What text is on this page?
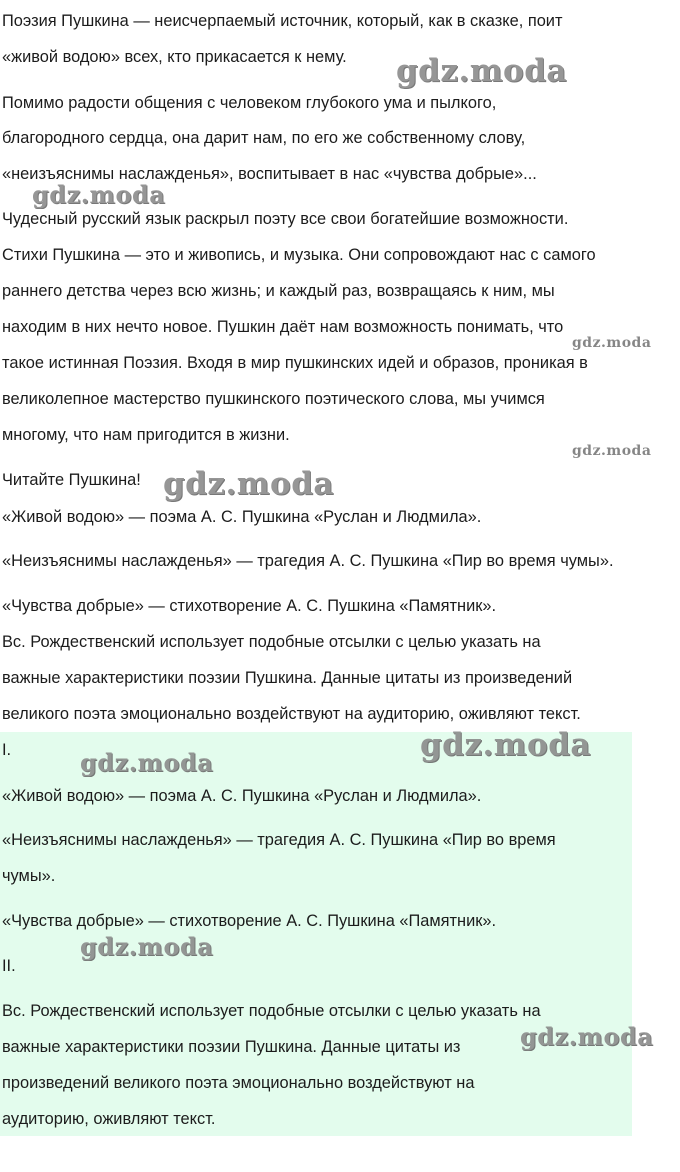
Поэзия Пушкина — неисчерпаемый источник, который, как в сказке, поит

«живой водою» всех, кто прикасается к нему.

Помимо радости общения с человеком глубокого ума и пылкого,

благородного сердца, она дарит нам, по его же собственному слову,

«неизъяснимы наслажденья», воспитывает в нас «чувства добрые»...

Чудесный русский язык раскрыл поэту все свои богатейшие возможности.

Стихи Пушкина — это и живопись, и музыка. Они сопровождают нас с самого

раннего детства через всю жизнь; и каждый раз, возвращаясь к ним, мы

находим в них нечто новое. Пушкин даёт нам возможность понимать, что

такое истинная Поэзия. Входя в мир пушкинских идей и образов, проникая в

великолепное мастерство пушкинского поэтического слова, мы учимся

многому, что нам пригодится в жизни.

Читайте Пушкина!

«Живой водою» — поэма А. С. Пушкина «Руслан и Людмила».

«Неизъяснимы наслажденья» — трагедия А. С. Пушкина «Пир во время чумы».

«Чувства добрые» — стихотворение А. С. Пушкина «Памятник».

Вс. Рождественский использует подобные отсылки с целью указать на

важные характеристики поэзии Пушкина. Данные цитаты из произведений

великого поэта эмоционально воздействуют на аудиторию, оживляют текст.

I.

«Живой водою» — поэма А. С. Пушкина «Руслан и Людмила».

«Неизъяснимы наслажденья» — трагедия А. С. Пушкина «Пир во время

чумы».

«Чувства добрые» — стихотворение А. С. Пушкина «Памятник».

II.

Вс. Рождественский использует подобные отсылки с целью указать на

важные характеристики поэзии Пушкина. Данные цитаты из

произведений великого поэта эмоционально воздействуют на

аудиторию, оживляют текст.

gdz.moda
gdz.moda
gdz.moda
gdz.moda
gdz.moda
gdz.moda
gdz.moda
gdz.moda
gdz.moda
